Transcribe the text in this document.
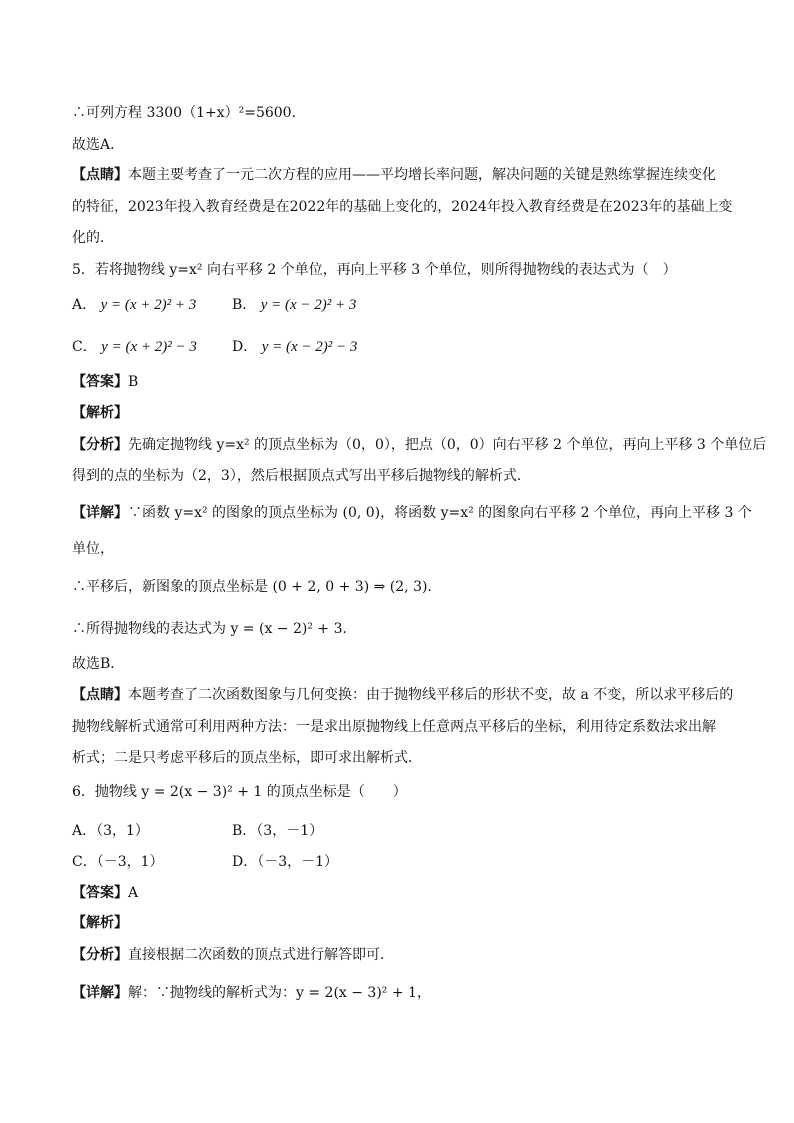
∴可列方程 3300（1+x）²=5600．
故选A．
【点睛】本题主要考查了一元二次方程的应用——平均增长率问题，解决问题的关键是熟练掌握连续变化
的特征，2023年投入教育经费是在2022年的基础上变化的，2024年投入教育经费是在2023年的基础上变
化的．
5．若将抛物线 y=x² 向右平移 2 个单位，再向上平移 3 个单位，则所得抛物线的表达式为（　）
A． y = (x + 2)² + 3	B． y = (x − 2)² + 3
C． y = (x + 2)² − 3	D． y = (x − 2)² − 3
【答案】B
【解析】
【分析】先确定抛物线 y=x² 的顶点坐标为（0，0），把点（0，0）向右平移 2 个单位，再向上平移 3 个单位后
得到的点的坐标为（2，3），然后根据顶点式写出平移后抛物线的解析式．
【详解】∵函数 y=x² 的图象的顶点坐标为 (0, 0)，将函数 y=x² 的图象向右平移 2 个单位，再向上平移 3 个
单位，
∴平移后，新图象的顶点坐标是 (0 + 2, 0 + 3) ⇒ (2, 3)．
∴所得抛物线的表达式为 y = (x − 2)² + 3．
故选B．
【点睛】本题考查了二次函数图象与几何变换：由于抛物线平移后的形状不变，故 a 不变，所以求平移后的
抛物线解析式通常可利用两种方法：一是求出原抛物线上任意两点平移后的坐标，利用待定系数法求出解
析式；二是只考虑平移后的顶点坐标，即可求出解析式．
6．抛物线 y = 2(x − 3)² + 1 的顶点坐标是（　　）
A．（3，1）	B．（3，－1）
C．（－3，1）	D．（－3，－1）
【答案】A
【解析】
【分析】直接根据二次函数的顶点式进行解答即可．
【详解】解：∵抛物线的解析式为：y = 2(x − 3)² + 1，
